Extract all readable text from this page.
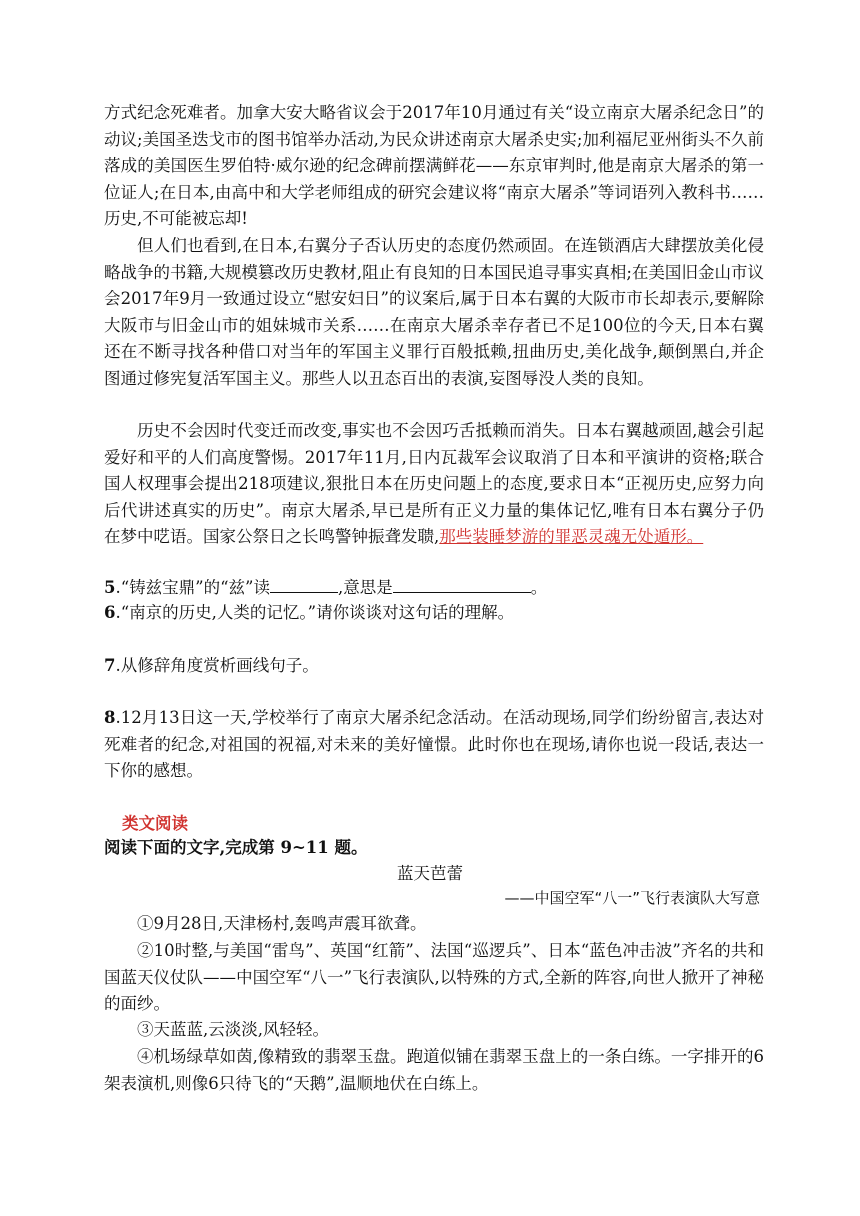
方式纪念死难者。加拿大安大略省议会于2017年10月通过有关“设立南京大屠杀纪念日”的动议;美国圣迭戈市的图书馆举办活动,为民众讲述南京大屠杀史实;加利福尼亚州街头不久前落成的美国医生罗伯特·威尔逊的纪念碑前摆满鲜花——东京审判时,他是南京大屠杀的第一位证人;在日本,由高中和大学老师组成的研究会建议将“南京大屠杀”等词语列入教科书……历史,不可能被忘却!

但人们也看到,在日本,右翼分子否认历史的态度仍然顽固。在连锁酒店大肆摆放美化侵略战争的书籍,大规模篡改历史教材,阻止有良知的日本国民追寻事实真相;在美国旧金山市议会2017年9月一致通过设立“慰安妇日”的议案后,属于日本右翼的大阪市市长却表示,要解除大阪市与旧金山市的姐妹城市关系……在南京大屠杀幸存者已不足100位的今天,日本右翼还在不断寻找各种借口对当年的军国主义罪行百般抵赖,扭曲历史,美化战争,颠倒黑白,并企图通过修宪复活军国主义。那些人以丑态百出的表演,妄图辱没人类的良知。

历史不会因时代变迁而改变,事实也不会因巧舌抵赖而消失。日本右翼越顽固,越会引起爱好和平的人们高度警惕。2017年11月,日内瓦裁军会议取消了日本和平演讲的资格;联合国人权理事会提出218项建议,狠批日本在历史问题上的态度,要求日本“正视历史,应努力向后代讲述真实的历史”。南京大屠杀,早已是所有正义力量的集体记忆,唯有日本右翼分子仍在梦中呓语。国家公祭日之长鸣警钟振聋发聩,那些装睡梦游的罪恶灵魂无处遁形。

5.“铸兹宝鼎”的“兹”读	,意思是	。

6.“南京的历史,人类的记忆。”请你谈谈对这句话的理解。

7.从修辞角度赏析画线句子。

8.12月13日这一天,学校举行了南京大屠杀纪念活动。在活动现场,同学们纷纷留言,表达对死难者的纪念,对祖国的祝福,对未来的美好憧憬。此时你也在现场,请你也说一段话,表达一下你的感想。

类文阅读
阅读下面的文字,完成第 9~11 题。
蓝天芭蕾
——中国空军“八一”飞行表演队大写意

①9月28日,天津杨村,轰鸣声震耳欲聋。

②10时整,与美国“雷鸟”、英国“红箭”、法国“巡逻兵”、日本“蓝色冲击波”齐名的共和国蓝天仪仗队——中国空军“八一”飞行表演队,以特殊的方式,全新的阵容,向世人掀开了神秘的面纱。

③天蓝蓝,云淡淡,风轻轻。

④机场绿草如茵,像精致的翡翠玉盘。跑道似铺在翡翠玉盘上的一条白练。一字排开的6架表演机,则像6只待飞的“天鹅”,温顺地伏在白练上。
